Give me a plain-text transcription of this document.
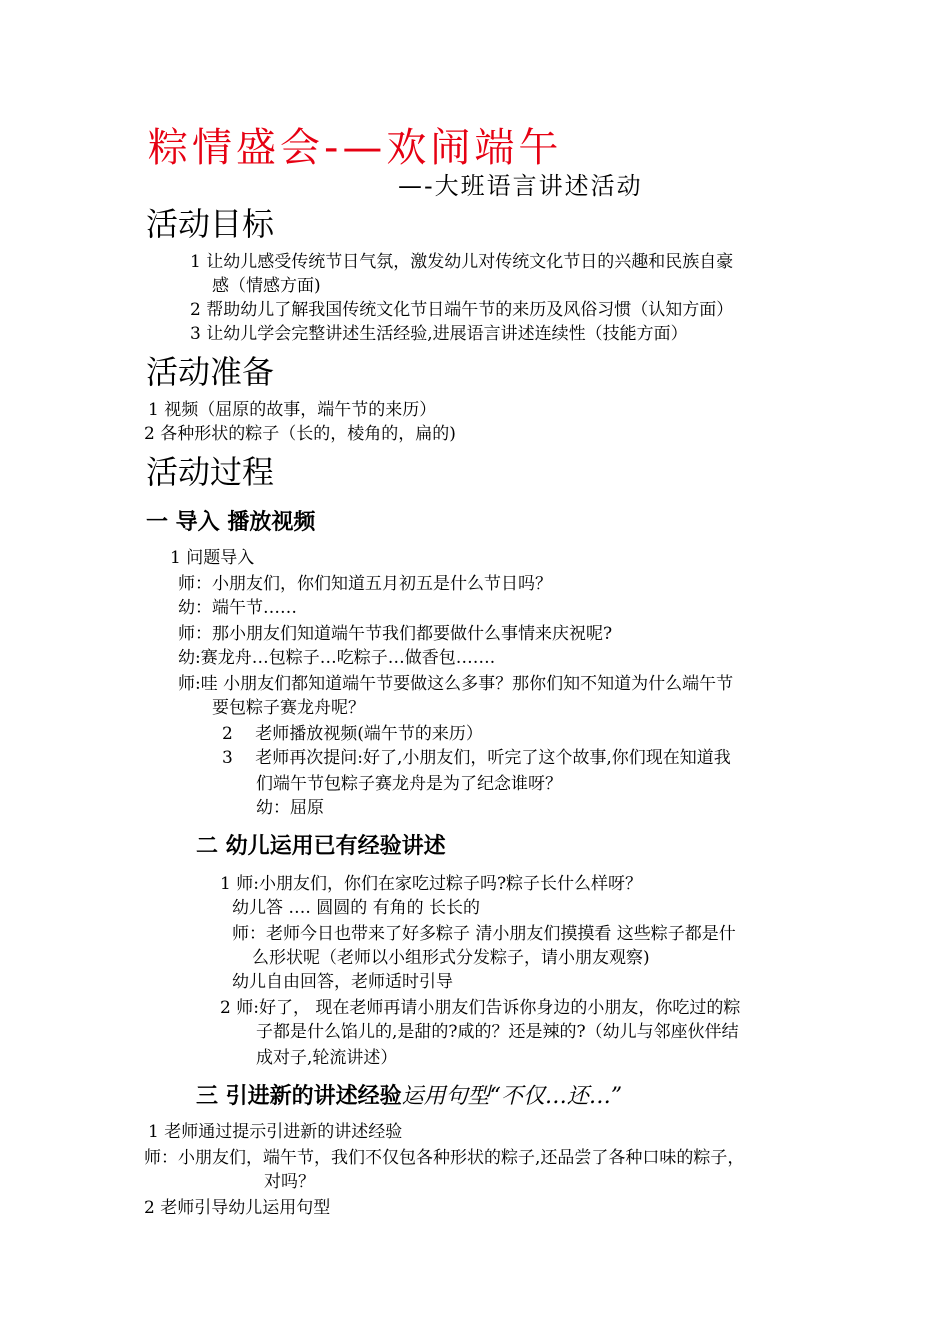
粽情盛会-—欢闹端午
—-大班语言讲述活动
活动目标
1 让幼儿感受传统节日气氛，激发幼儿对传统文化节日的兴趣和民族自豪
感（情感方面)
2 帮助幼儿了解我国传统文化节日端午节的来历及风俗习惯（认知方面）
3 让幼儿学会完整讲述生活经验,进展语言讲述连续性（技能方面）
活动准备
1 视频（屈原的故事，端午节的来历）
2 各种形状的粽子（长的，棱角的，扁的)
活动过程
一 导入 播放视频
1 问题导入
师：小朋友们，你们知道五月初五是什么节日吗？
幼：端午节……
师：那小朋友们知道端午节我们都要做什么事情来庆祝呢?
幼:赛龙舟…包粽子…吃粽子…做香包…….
师:哇 小朋友们都知道端午节要做这么多事？那你们知不知道为什么端午节
要包粽子赛龙舟呢？
2　 老师播放视频(端午节的来历）
3　 老师再次提问:好了,小朋友们，听完了这个故事,你们现在知道我
们端午节包粽子赛龙舟是为了纪念谁呀？
幼：屈原
二 幼儿运用已有经验讲述
1 师:小朋友们，你们在家吃过粽子吗?粽子长什么样呀？
幼儿答 …. 圆圆的 有角的 长长的
师：老师今日也带来了好多粽子 清小朋友们摸摸看 这些粽子都是什
么形状呢（老师以小组形式分发粽子，请小朋友观察)
幼儿自由回答，老师适时引导
2 师:好了， 现在老师再请小朋友们告诉你身边的小朋友，你吃过的粽
子都是什么馅儿的,是甜的?咸的？还是辣的?（幼儿与邻座伙伴结
成对子,轮流讲述）
三 引进新的讲述经验运用句型“不仅…还…”
1 老师通过提示引进新的讲述经验
师：小朋友们，端午节，我们不仅包各种形状的粽子,还品尝了各种口味的粽子，
对吗？
2 老师引导幼儿运用句型
